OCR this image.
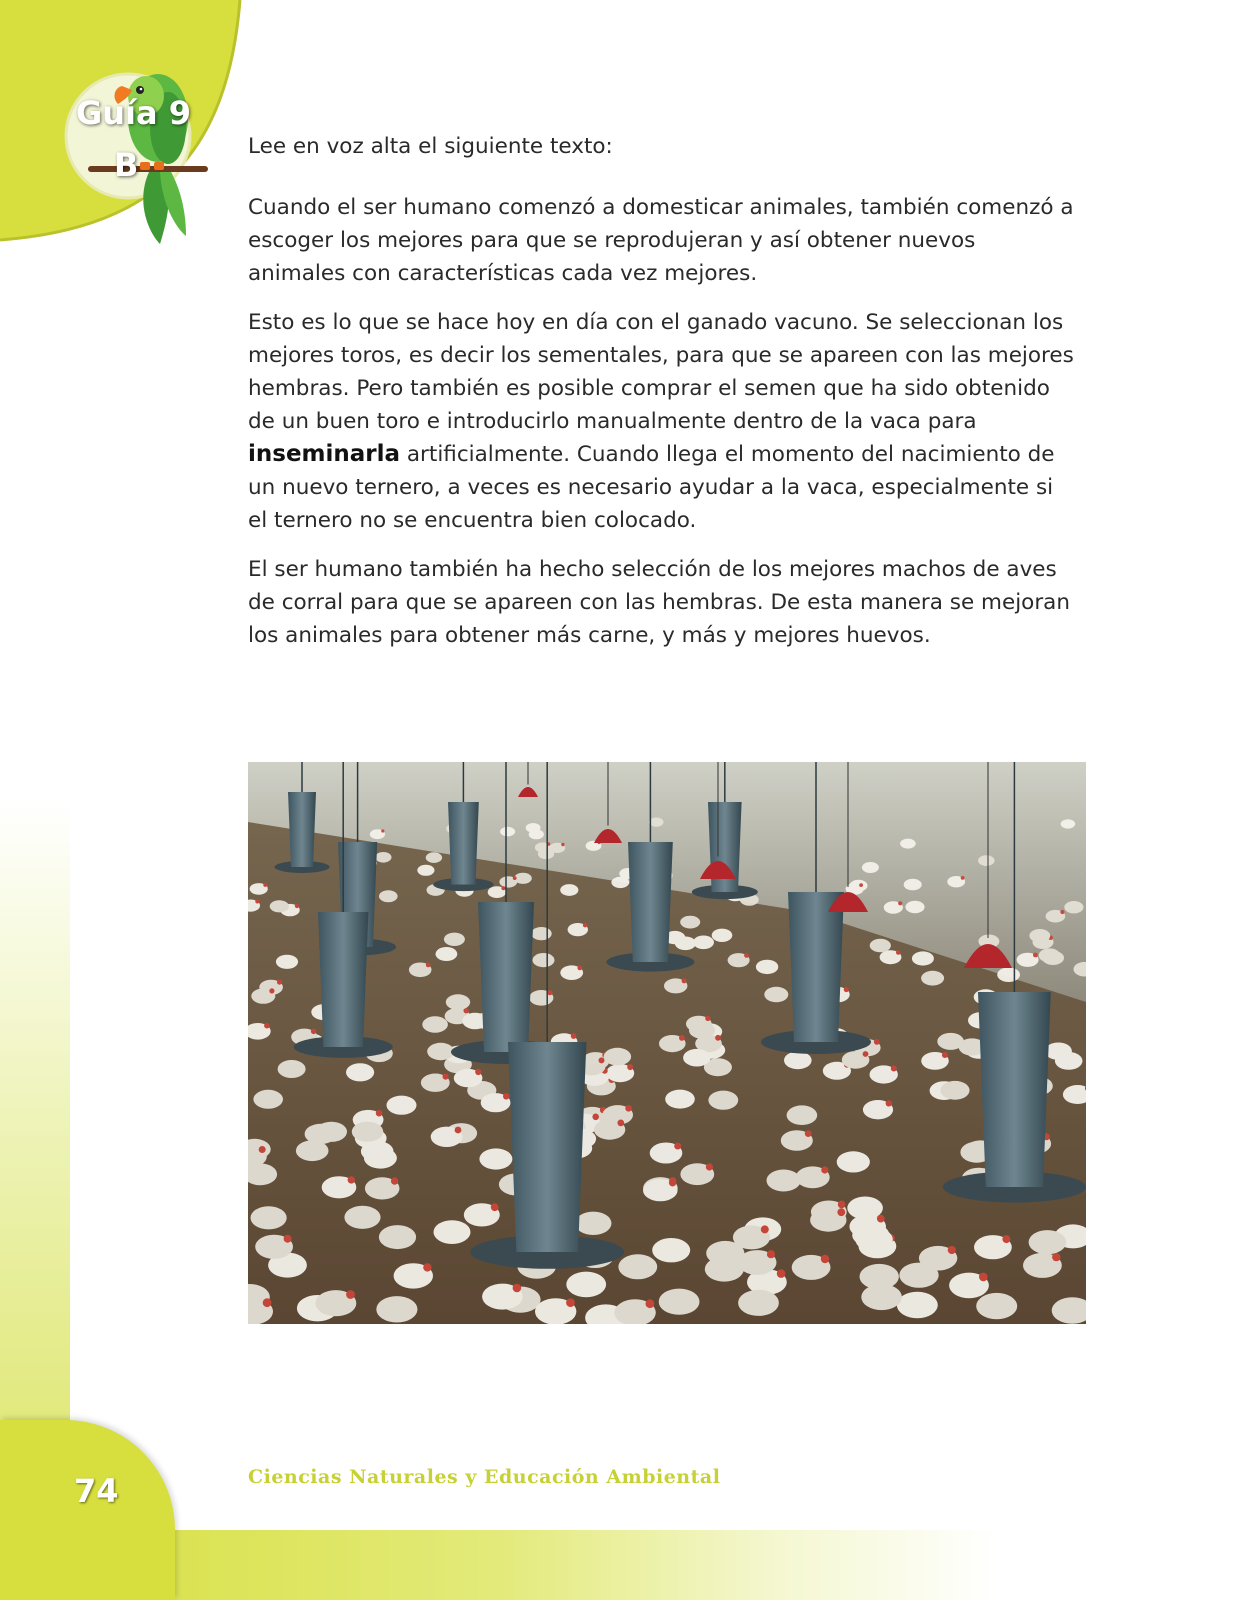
Guía 9
B	Lee en voz alta el siguiente texto:

Cuando el ser humano comenzó a domesticar animales, también comenzó a escoger los mejores para que se reprodujeran y así obtener nuevos animales con características cada vez mejores.

Esto es lo que se hace hoy en día con el ganado vacuno. Se seleccionan los mejores toros, es decir los sementales, para que se apareen con las mejores hembras. Pero también es posible comprar el semen que ha sido obtenido de un buen toro e introducirlo manualmente dentro de la vaca para inseminarla artificialmente. Cuando llega el momento del nacimiento de un nuevo ternero, a veces es necesario ayudar a la vaca, especialmente si el ternero no se encuentra bien colocado.

El ser humano también ha hecho selección de los mejores machos de aves de corral para que se apareen con las hembras. De esta manera se mejoran los animales para obtener más carne, y más y mejores huevos.

74	Ciencias Naturales y Educación Ambiental
